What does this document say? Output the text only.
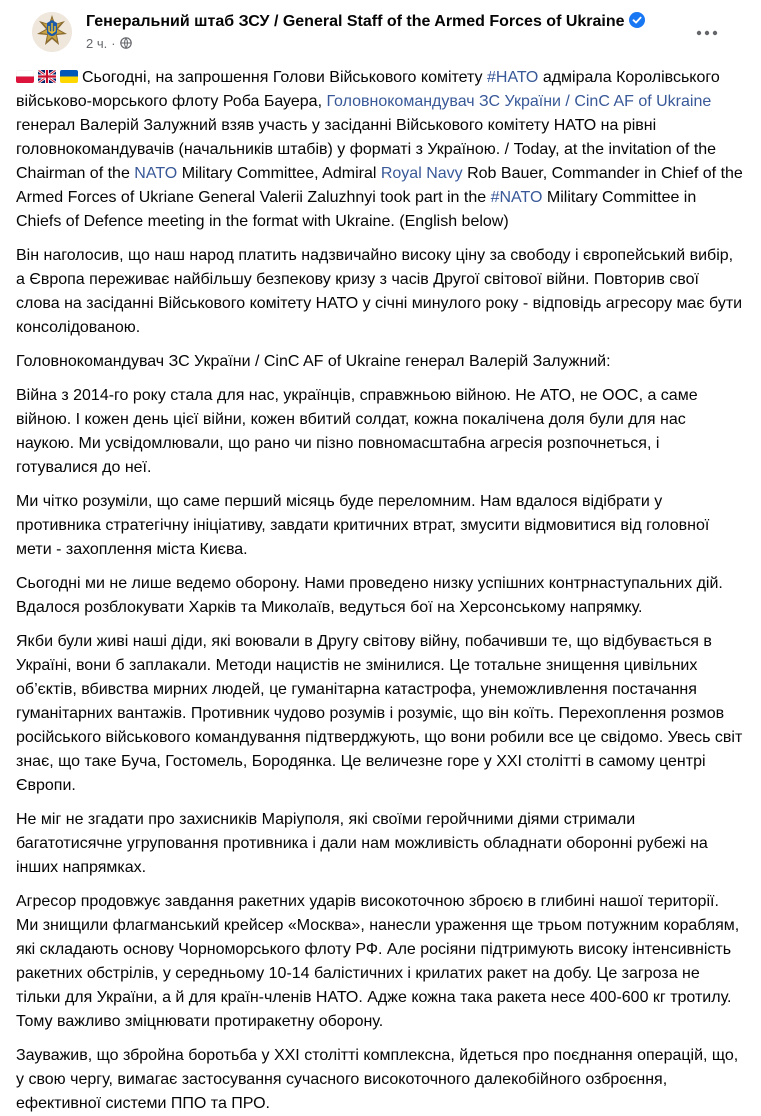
Генеральний штаб ЗСУ / General Staff of the Armed Forces of Ukraine
2 ч. ·

Сьогодні, на запрошення Голови Військового комітету #НАТО адмірала Королівського військово-морського флоту Роба Бауера, Головнокомандувач ЗС України / CinC AF of Ukraine генерал Валерій Залужний взяв участь у засіданні Військового комітету НАТО на рівні головнокомандувачів (начальників штабів) у форматі з Україною. / Today, at the invitation of the Chairman of the NATO Military Committee, Admiral Royal Navy Rob Bauer, Commander in Chief of the Armed Forces of Ukriane General Valerii Zaluzhnyi took part in the #NATO Military Committee in Chiefs of Defence meeting in the format with Ukraine. (English below)

Він наголосив, що наш народ платить надзвичайно високу ціну за свободу і європейський вибір, а Європа переживає найбільшу безпекову кризу з часів Другої світової війни. Повторив свої слова на засіданні Військового комітету НАТО у січні минулого року - відповідь агресору має бути консолідованою.

Головнокомандувач ЗС України / CinC AF of Ukraine генерал Валерій Залужний:

Війна з 2014-го року стала для нас, українців, справжньою війною. Не АТО, не ООС, а саме війною. І кожен день цієї війни, кожен вбитий солдат, кожна покалічена доля були для нас наукою. Ми усвідомлювали, що рано чи пізно повномасштабна агресія розпочнеться, і готувалися до неї.

Ми чітко розуміли, що саме перший місяць буде переломним. Нам вдалося відібрати у противника стратегічну ініціативу, завдати критичних втрат, змусити відмовитися від головної мети - захоплення міста Києва.

Сьогодні ми не лише ведемо оборону. Нами проведено низку успішних контрнаступальних дій. Вдалося розблокувати Харків та Миколаїв, ведуться бої на Херсонському напрямку.

Якби були живі наші діди, які воювали в Другу світову війну, побачивши те, що відбувається в Україні, вони б заплакали. Методи нацистів не змінилися. Це тотальне знищення цивільних об’єктів, вбивства мирних людей, це гуманітарна катастрофа, унеможливлення постачання гуманітарних вантажів. Противник чудово розумів і розуміє, що він коїть. Перехоплення розмов російського військового командування підтверджують, що вони робили все це свідомо. Увесь світ знає, що таке Буча, Гостомель, Бородянка. Це величезне горе у ХХІ столітті в самому центрі Європи.

Не міг не згадати про захисників Маріуполя, які своїми геройчними діями стримали багатотисячне угруповання противника і дали нам можливість обладнати оборонні рубежі на інших напрямках.

Агресор продовжує завдання ракетних ударів високоточною зброєю в глибині нашої території. Ми знищили флагманський крейсер «Москва», нанесли ураження ще трьом потужним кораблям, які складають основу Чорноморського флоту РФ. Але росіяни підтримують високу інтенсивність ракетних обстрілів, у середньому 10-14 балістичних і крилатих ракет на добу. Це загроза не тільки для України, а й для країн-членів НАТО. Адже кожна така ракета несе 400-600 кг тротилу. Тому важливо зміцнювати протиракетну оборону.

Зауважив, що збройна боротьба у ХХІ столітті комплексна, йдеться про поєднання операцій, що, у свою чергу, вимагає застосування сучасного високоточного далекобійного озброєння, ефективної системи ППО та ПРО.
